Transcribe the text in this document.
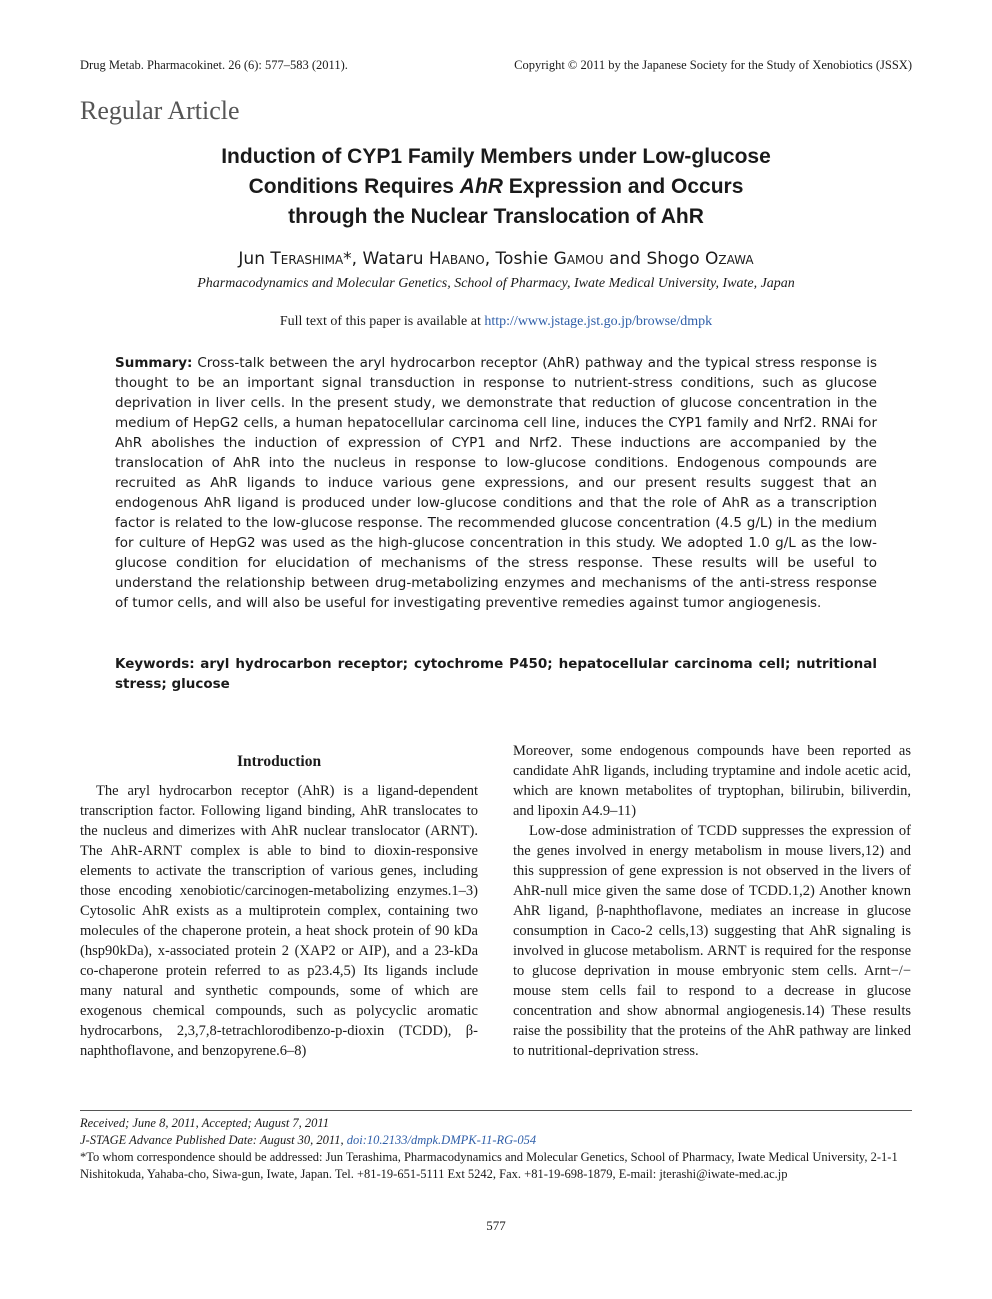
Drug Metab. Pharmacokinet. 26 (6): 577–583 (2011).	Copyright © 2011 by the Japanese Society for the Study of Xenobiotics (JSSX)
Regular Article
Induction of CYP1 Family Members under Low-glucose
Conditions Requires AhR Expression and Occurs
through the Nuclear Translocation of AhR
Jun Terashima*, Wataru Habano, Toshie Gamou and Shogo Ozawa
Pharmacodynamics and Molecular Genetics, School of Pharmacy, Iwate Medical University, Iwate, Japan
Full text of this paper is available at http://www.jstage.jst.go.jp/browse/dmpk
Summary: Cross-talk between the aryl hydrocarbon receptor (AhR) pathway and the typical stress response is thought to be an important signal transduction in response to nutrient-stress conditions, such as glucose deprivation in liver cells. In the present study, we demonstrate that reduction of glucose concentration in the medium of HepG2 cells, a human hepatocellular carcinoma cell line, induces the CYP1 family and Nrf2. RNAi for AhR abolishes the induction of expression of CYP1 and Nrf2. These inductions are accompanied by the translocation of AhR into the nucleus in response to low-glucose conditions. Endogenous compounds are recruited as AhR ligands to induce various gene expressions, and our present results suggest that an endogenous AhR ligand is produced under low-glucose conditions and that the role of AhR as a transcription factor is related to the low-glucose response. The recommended glucose concentration (4.5 g/L) in the medium for culture of HepG2 was used as the high-glucose concentration in this study. We adopted 1.0 g/L as the low-glucose condition for elucidation of mechanisms of the stress response. These results will be useful to understand the relationship between drug-metabolizing enzymes and mechanisms of the anti-stress response of tumor cells, and will also be useful for investigating preventive remedies against tumor angiogenesis.
Keywords: aryl hydrocarbon receptor; cytochrome P450; hepatocellular carcinoma cell; nutritional stress; glucose
Introduction

The aryl hydrocarbon receptor (AhR) is a ligand-dependent transcription factor. Following ligand binding, AhR translocates to the nucleus and dimerizes with AhR nuclear translocator (ARNT). The AhR-ARNT complex is able to bind to dioxin-responsive elements to activate the transcription of various genes, including those encoding xenobiotic/carcinogen-metabolizing enzymes.1–3) Cytosolic AhR exists as a multiprotein complex, containing two molecules of the chaperone protein, a heat shock protein of 90 kDa (hsp90kDa), x-associated protein 2 (XAP2 or AIP), and a 23-kDa co-chaperone protein referred to as p23.4,5) Its ligands include many natural and synthetic compounds, some of which are exogenous chemical compounds, such as polycyclic aromatic hydrocarbons, 2,3,7,8-tetrachlorodibenzo-p-dioxin (TCDD), β-naphthoflavone, and benzopyrene.6–8)

Moreover, some endogenous compounds have been reported as candidate AhR ligands, including tryptamine and indole acetic acid, which are known metabolites of tryptophan, bilirubin, biliverdin, and lipoxin A4.9–11)

Low-dose administration of TCDD suppresses the expression of the genes involved in energy metabolism in mouse livers,12) and this suppression of gene expression is not observed in the livers of AhR-null mice given the same dose of TCDD.1,2) Another known AhR ligand, β-naphthoflavone, mediates an increase in glucose consumption in Caco-2 cells,13) suggesting that AhR signaling is involved in glucose metabolism. ARNT is required for the response to glucose deprivation in mouse embryonic stem cells. Arnt−/− mouse stem cells fail to respond to a decrease in glucose concentration and show abnormal angiogenesis.14) These results raise the possibility that the proteins of the AhR pathway are linked to nutritional-deprivation stress.

Received; June 8, 2011, Accepted; August 7, 2011
J-STAGE Advance Published Date: August 30, 2011, doi:10.2133/dmpk.DMPK-11-RG-054
*To whom correspondence should be addressed: Jun Terashima, Pharmacodynamics and Molecular Genetics, School of Pharmacy, Iwate Medical University, 2-1-1 Nishitokuda, Yahaba-cho, Siwa-gun, Iwate, Japan. Tel. +81-19-651-5111 Ext 5242, Fax. +81-19-698-1879, E-mail: jterashi@iwate-med.ac.jp
577
